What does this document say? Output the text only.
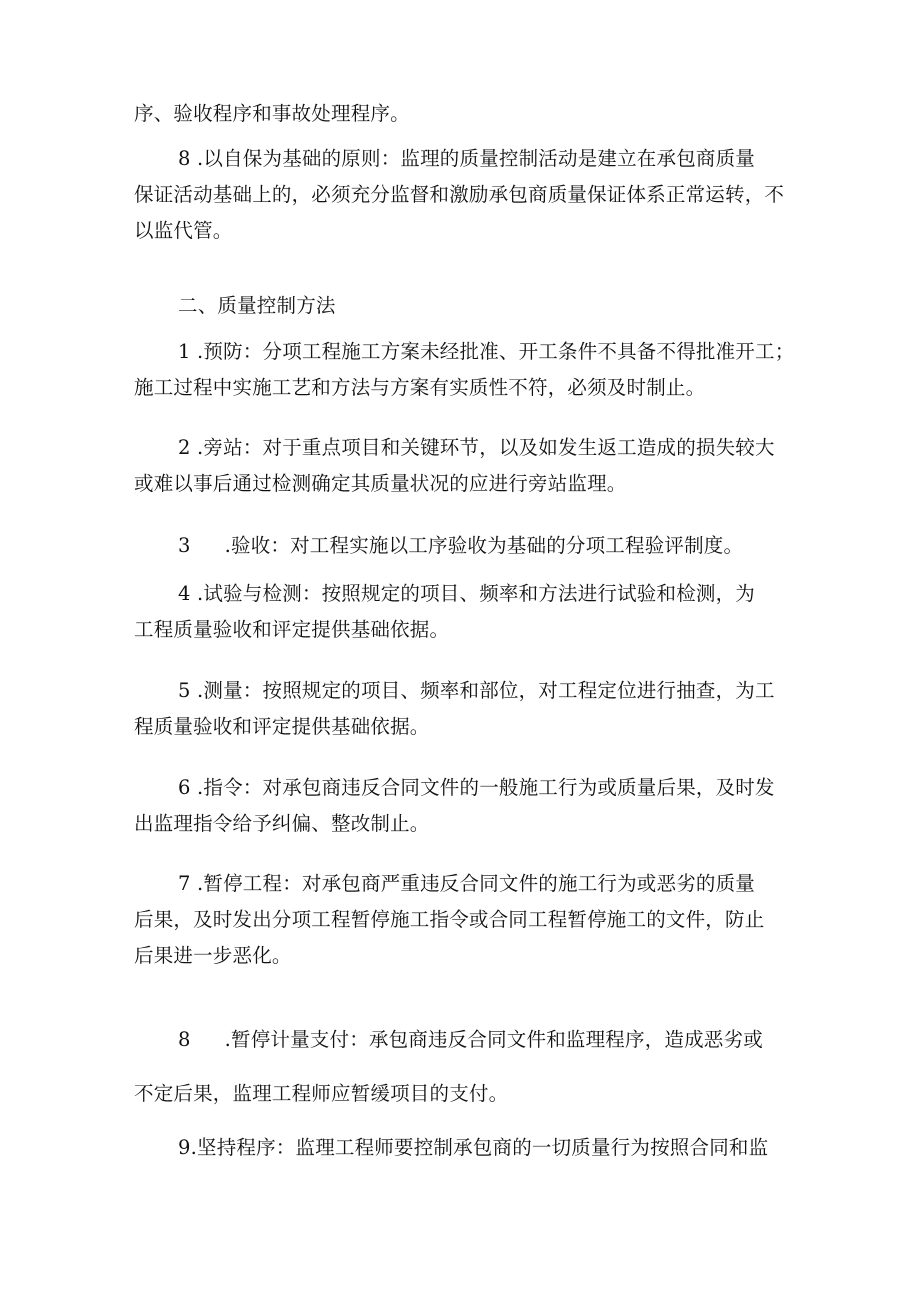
序、验收程序和事故处理程序。

8 .以自保为基础的原则：监理的质量控制活动是建立在承包商质量
保证活动基础上的，必须充分监督和激励承包商质量保证体系正常运转，不
以监代管。

二、质量控制方法

1 .预防：分项工程施工方案未经批准、开工条件不具备不得批准开工；
施工过程中实施工艺和方法与方案有实质性不符，必须及时制止。

2 .旁站：对于重点项目和关键环节，以及如发生返工造成的损失较大
或难以事后通过检测确定其质量状况的应进行旁站监理。

3 .验收：对工程实施以工序验收为基础的分项工程验评制度。

4 .试验与检测：按照规定的项目、频率和方法进行试验和检测，为
工程质量验收和评定提供基础依据。

5 .测量：按照规定的项目、频率和部位，对工程定位进行抽查，为工
程质量验收和评定提供基础依据。

6 .指令：对承包商违反合同文件的一般施工行为或质量后果，及时发
出监理指令给予纠偏、整改制止。

7 .暂停工程：对承包商严重违反合同文件的施工行为或恶劣的质量
后果，及时发出分项工程暂停施工指令或合同工程暂停施工的文件，防止
后果进一步恶化。

8 .暂停计量支付：承包商违反合同文件和监理程序，造成恶劣或
不定后果，监理工程师应暂缓项目的支付。

9.坚持程序：监理工程师要控制承包商的一切质量行为按照合同和监
